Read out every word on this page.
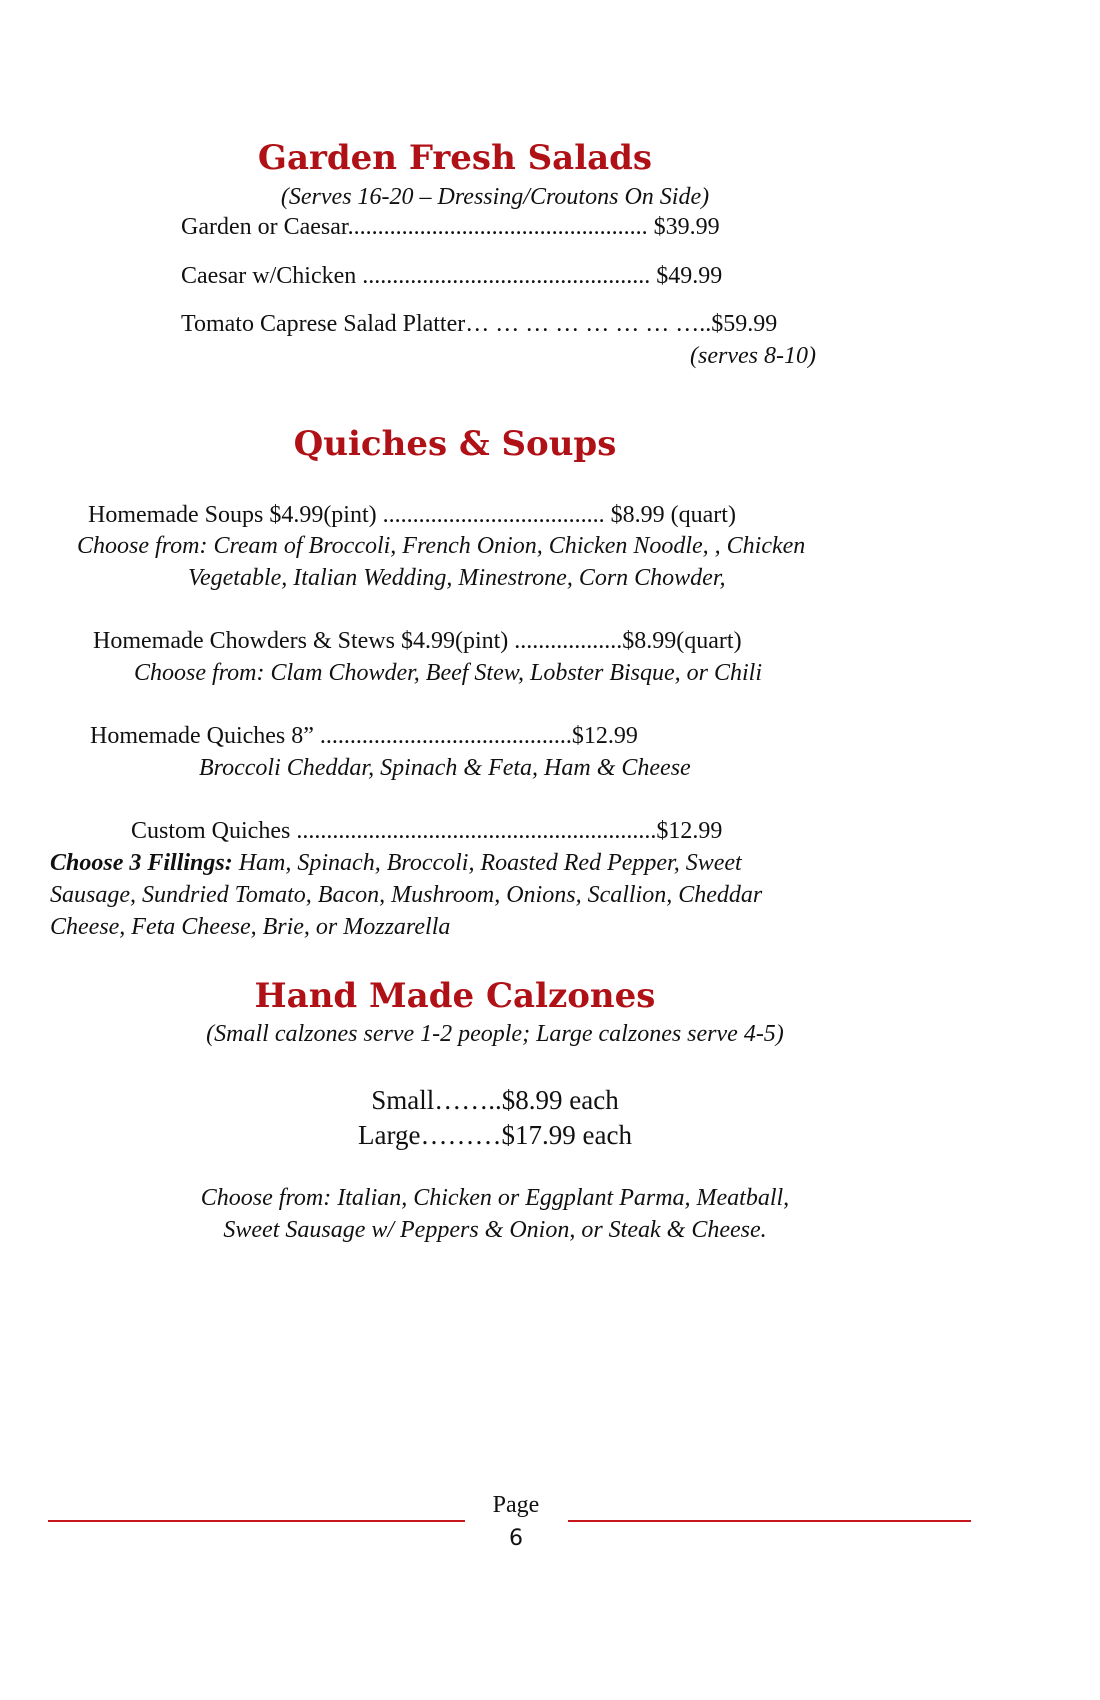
Garden Fresh Salads
(Serves 16-20 – Dressing/Croutons On Side)
Garden or Caesar.................................................. $39.99
Caesar w/Chicken ................................................ $49.99
Tomato Caprese Salad Platter… … … … … … … …..$59.99
(serves 8-10)
Quiches & Soups
Homemade Soups $4.99(pint) ..................................... $8.99 (quart)
Choose from: Cream of Broccoli, French Onion, Chicken Noodle, , Chicken
Vegetable, Italian Wedding, Minestrone, Corn Chowder,
Homemade Chowders & Stews $4.99(pint) ..................$8.99(quart)
Choose from: Clam Chowder, Beef Stew, Lobster Bisque, or Chili
Homemade Quiches 8” ..........................................$12.99
Broccoli Cheddar, Spinach & Feta, Ham & Cheese
Custom Quiches ............................................................$12.99
Choose 3 Fillings: Ham, Spinach, Broccoli, Roasted Red Pepper, Sweet
Sausage, Sundried Tomato, Bacon, Mushroom, Onions, Scallion, Cheddar
Cheese, Feta Cheese, Brie, or Mozzarella
Hand Made Calzones
(Small calzones serve 1-2 people; Large calzones serve 4-5)
Small……..$8.99 each
Large………$17.99 each
Choose from: Italian, Chicken or Eggplant Parma, Meatball,
Sweet Sausage w/ Peppers & Onion, or Steak & Cheese.
Page
6
